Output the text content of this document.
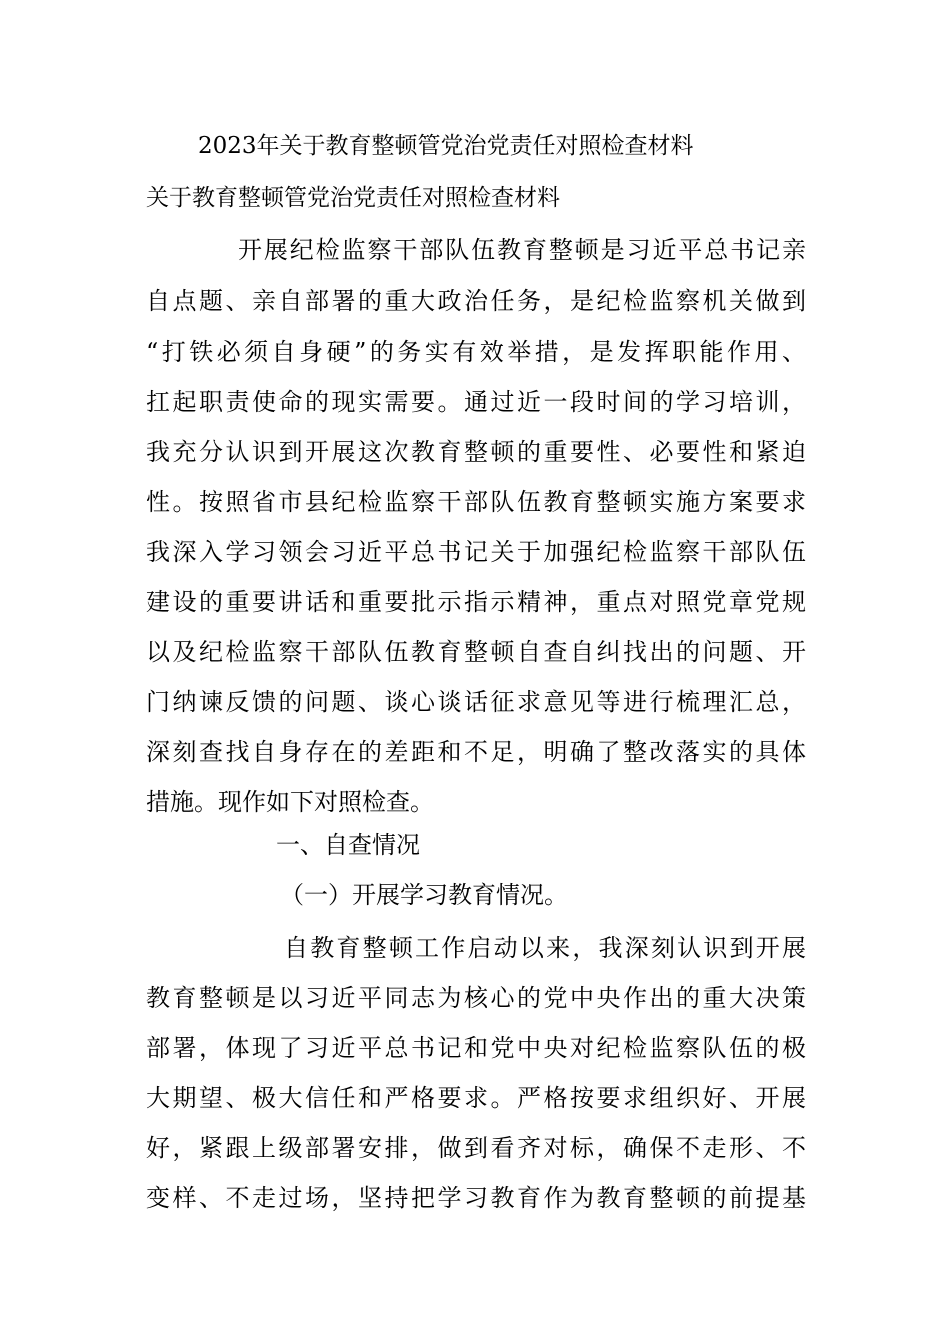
2023年关于教育整顿管党治党责任对照检查材料
关于教育整顿管党治党责任对照检查材料
开展纪检监察干部队伍教育整顿是习近平总书记亲
自点题、亲自部署的重大政治任务，是纪检监察机关做到
“打铁必须自身硬”的务实有效举措，是发挥职能作用、
扛起职责使命的现实需要。通过近一段时间的学习培训，
我充分认识到开展这次教育整顿的重要性、必要性和紧迫
性。按照省市县纪检监察干部队伍教育整顿实施方案要求
我深入学习领会习近平总书记关于加强纪检监察干部队伍
建设的重要讲话和重要批示指示精神，重点对照党章党规
以及纪检监察干部队伍教育整顿自查自纠找出的问题、开
门纳谏反馈的问题、谈心谈话征求意见等进行梳理汇总，
深刻查找自身存在的差距和不足，明确了整改落实的具体
措施。现作如下对照检查。
一、自查情况
（一）开展学习教育情况。
自教育整顿工作启动以来，我深刻认识到开展
教育整顿是以习近平同志为核心的党中央作出的重大决策
部署，体现了习近平总书记和党中央对纪检监察队伍的极
大期望、极大信任和严格要求。严格按要求组织好、开展
好，紧跟上级部署安排，做到看齐对标，确保不走形、不
变样、不走过场，坚持把学习教育作为教育整顿的前提基
